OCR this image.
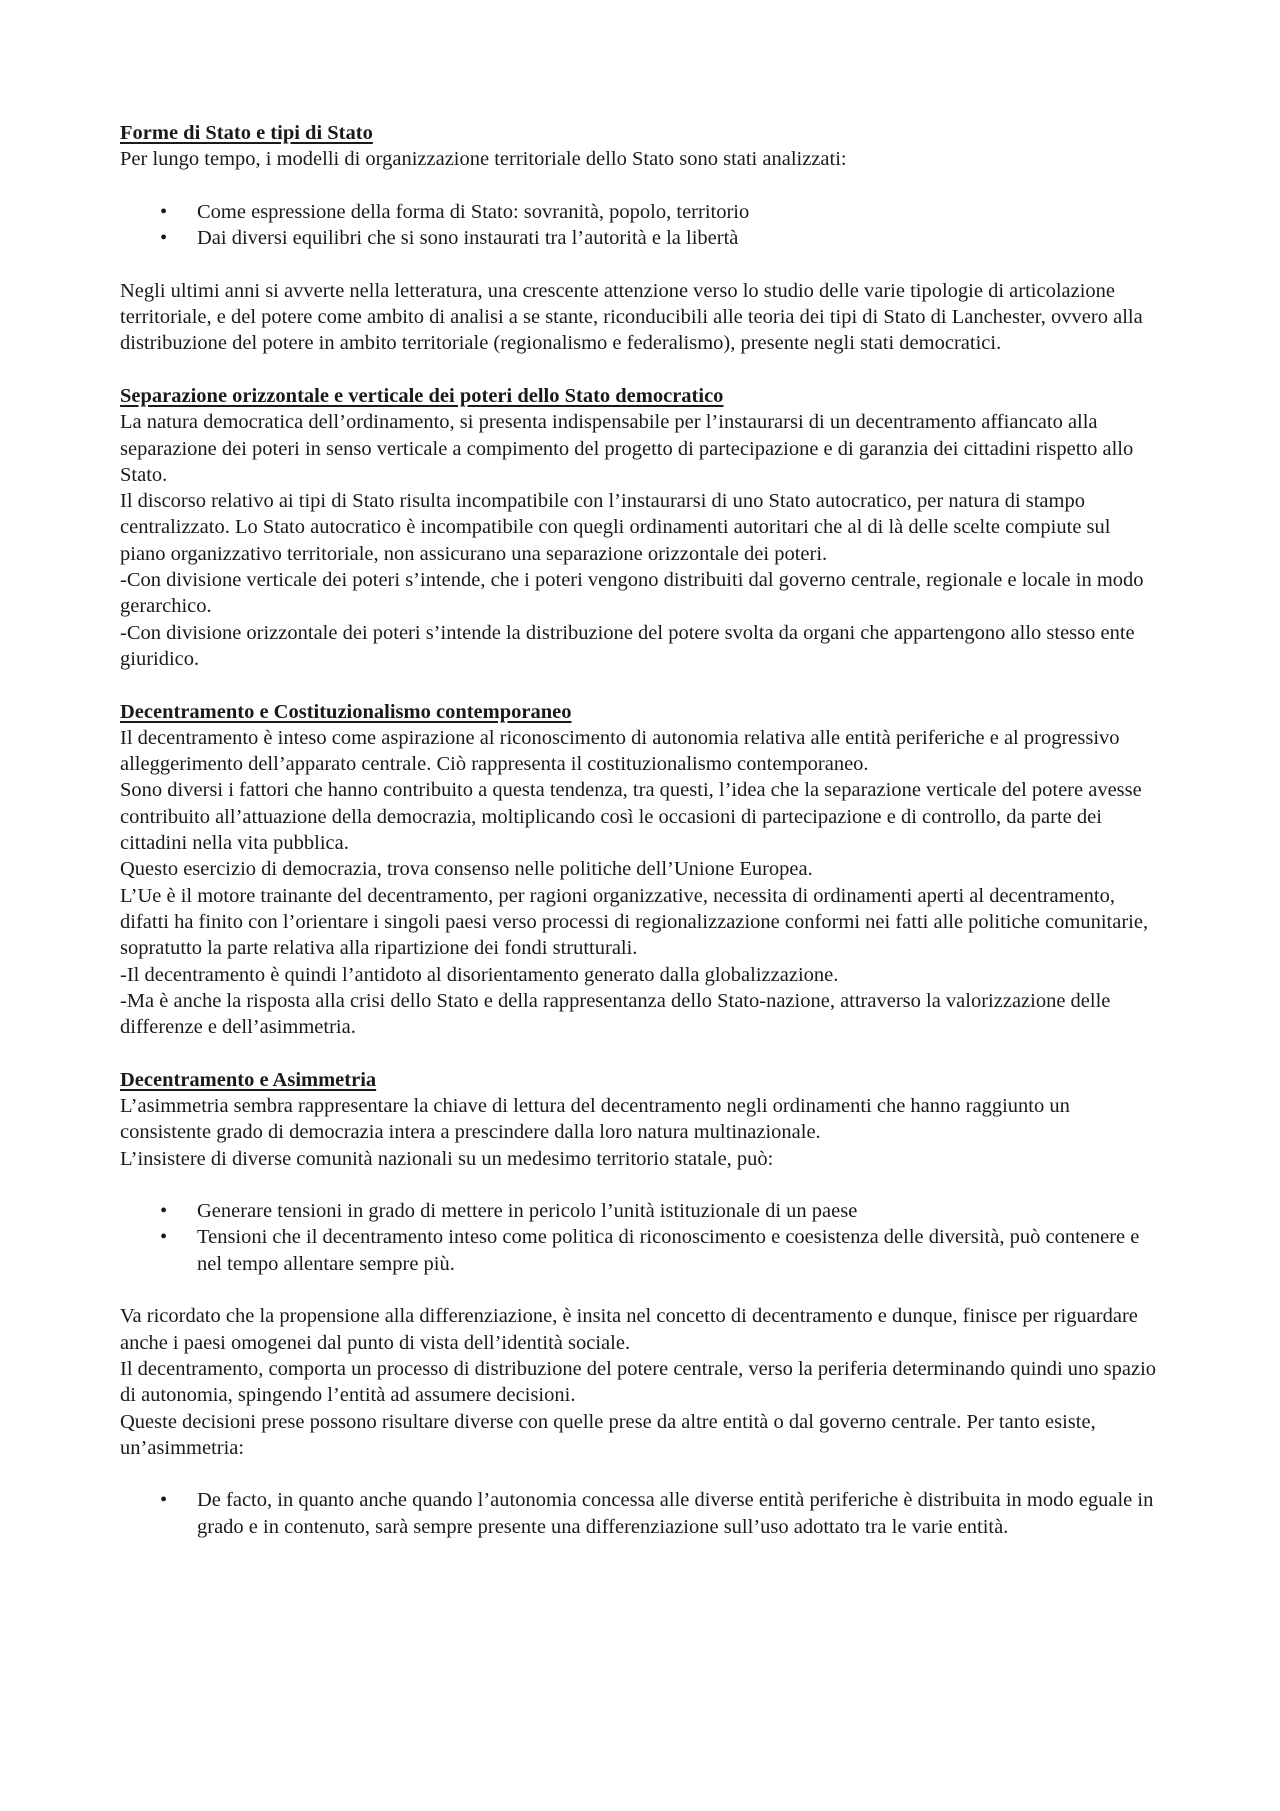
Forme di Stato e tipi di Stato

Per lungo tempo, i modelli di organizzazione territoriale dello Stato sono stati analizzati:

• Come espressione della forma di Stato: sovranità, popolo, territorio
• Dai diversi equilibri che si sono instaurati tra l’autorità e la libertà

Negli ultimi anni si avverte nella letteratura, una crescente attenzione verso lo studio delle varie tipologie di articolazione territoriale, e del potere come ambito di analisi a se stante, riconducibili alle teoria dei tipi di Stato di Lanchester, ovvero alla distribuzione del potere in ambito territoriale (regionalismo e federalismo), presente negli stati democratici.

Separazione orizzontale e verticale dei poteri dello Stato democratico

La natura democratica dell’ordinamento, si presenta indispensabile per l’instaurarsi di un decentramento affiancato alla separazione dei poteri in senso verticale a compimento del progetto di partecipazione e di garanzia dei cittadini rispetto allo Stato.

Il discorso relativo ai tipi di Stato risulta incompatibile con l’instaurarsi di uno Stato autocratico, per natura di stampo centralizzato. Lo Stato autocratico è incompatibile con quegli ordinamenti autoritari che al di là delle scelte compiute sul piano organizzativo territoriale, non assicurano una separazione orizzontale dei poteri.

-Con divisione verticale dei poteri s’intende, che i poteri vengono distribuiti dal governo centrale, regionale e locale in modo gerarchico.

-Con divisione orizzontale dei poteri s’intende la distribuzione del potere svolta da organi che appartengono allo stesso ente giuridico.

Decentramento e Costituzionalismo contemporaneo

Il decentramento è inteso come aspirazione al riconoscimento di autonomia relativa alle entità periferiche e al progressivo alleggerimento dell’apparato centrale. Ciò rappresenta il costituzionalismo contemporaneo.

Sono diversi i fattori che hanno contribuito a questa tendenza, tra questi, l’idea che la separazione verticale del potere avesse contribuito all’attuazione della democrazia, moltiplicando così le occasioni di partecipazione e di controllo, da parte dei cittadini nella vita pubblica.

Questo esercizio di democrazia, trova consenso nelle politiche dell’Unione Europea.

L’Ue è il motore trainante del decentramento, per ragioni organizzative, necessita di ordinamenti aperti al decentramento, difatti ha finito con l’orientare i singoli paesi verso processi di regionalizzazione conformi nei fatti alle politiche comunitarie, sopratutto la parte relativa alla ripartizione dei fondi strutturali.

-Il decentramento è quindi l’antidoto al disorientamento generato dalla globalizzazione.

-Ma è anche la risposta alla crisi dello Stato e della rappresentanza dello Stato-nazione, attraverso la valorizzazione delle differenze e dell’asimmetria.

Decentramento e Asimmetria

L’asimmetria sembra rappresentare la chiave di lettura del decentramento negli ordinamenti che hanno raggiunto un consistente grado di democrazia intera a prescindere dalla loro natura multinazionale.

L’insistere di diverse comunità nazionali su un medesimo territorio statale, può:

• Generare tensioni in grado di mettere in pericolo l’unità istituzionale di un paese
• Tensioni che il decentramento inteso come politica di riconoscimento e coesistenza delle diversità, può contenere e nel tempo allentare sempre più.

Va ricordato che la propensione alla differenziazione, è insita nel concetto di decentramento e dunque, finisce per riguardare anche i paesi omogenei dal punto di vista dell’identità sociale.

Il decentramento, comporta un processo di distribuzione del potere centrale, verso la periferia determinando quindi uno spazio di autonomia, spingendo l’entità ad assumere decisioni.

Queste decisioni prese possono risultare diverse con quelle prese da altre entità o dal governo centrale. Per tanto esiste, un’asimmetria:

• De facto, in quanto anche quando l’autonomia concessa alle diverse entità periferiche è distribuita in modo eguale in grado e in contenuto, sarà sempre presente una differenziazione sull’uso adottato tra le varie entità.
